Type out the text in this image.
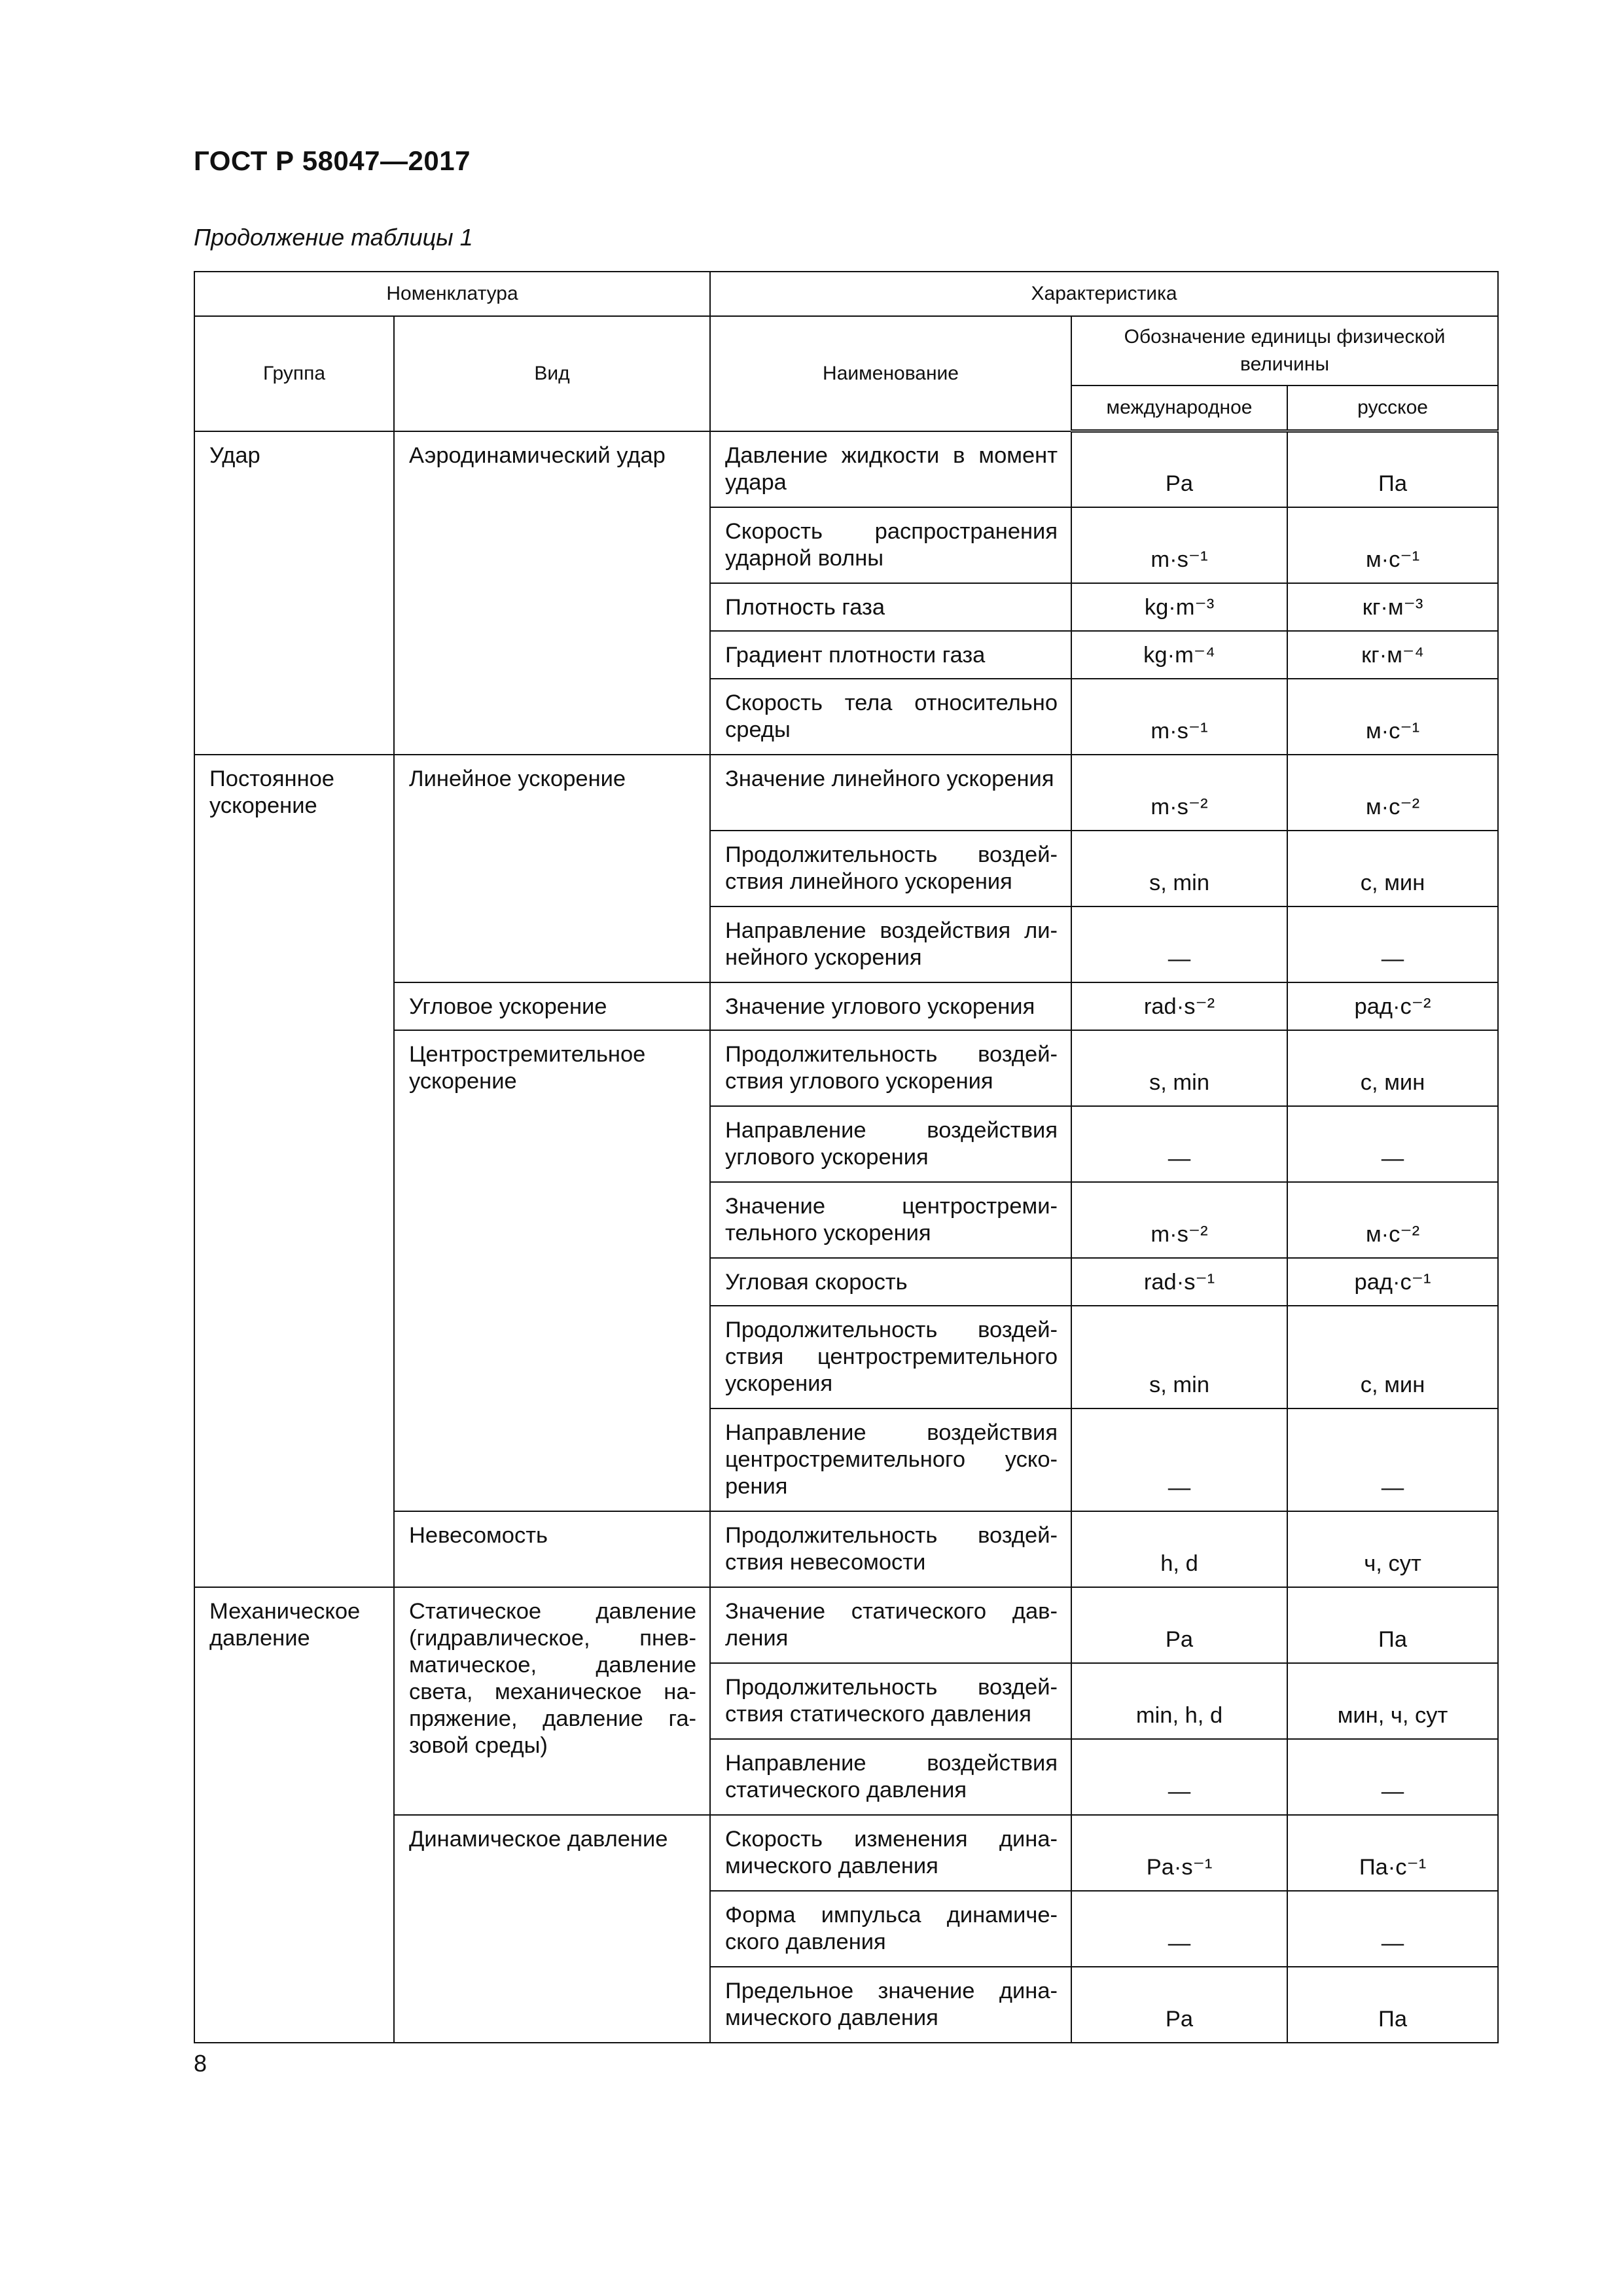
ГОСТ Р 58047—2017
Продолжение таблицы 1
Номенклатура		Характеристика		
Группа	Вид	Наименование	Обозначение единицы физической величины	
			международное	русское
Удар	Аэродинамический удар	Давление жидкости в момент удара	Pa	Па
		Скорость распространения ударной волны	m·s⁻¹	м·с⁻¹
		Плотность газа	kg·m⁻³	кг·м⁻³
		Градиент плотности газа	kg·m⁻⁴	кг·м⁻⁴
		Скорость тела относительно среды	m·s⁻¹	м·с⁻¹
Постоянное ускорение	Линейное ускорение	Значение линейного ускорения	m·s⁻²	м·с⁻²
		Продолжительность воздействия линейного ускорения	s, min	с, мин
		Направление воздействия линейного ускорения	—	—
	Угловое ускорение	Значение углового ускорения	rad·s⁻²	рад·с⁻²
	Центростремительное ускорение	Продолжительность воздействия углового ускорения	s, min	с, мин
		Направление воздействия углового ускорения	—	—
		Значение центростремительного ускорения	m·s⁻²	м·с⁻²
		Угловая скорость	rad·s⁻¹	рад·с⁻¹
		Продолжительность воздействия центростремительного ускорения	s, min	с, мин
		Направление воздействия центростремительного ускорения	—	—
	Невесомость	Продолжительность воздействия невесомости	h, d	ч, сут
Механическое давление	Статическое давление (гидравлическое, пневматическое, давление света, механическое напряжение, давление газовой среды)	Значение статического давления	Pa	Па
		Продолжительность воздействия статического давления	min, h, d	мин, ч, сут
		Направление воздействия статического давления	—	—
	Динамическое давление	Скорость изменения динамического давления	Pa·s⁻¹	Па·с⁻¹
		Форма импульса динамического давления	—	—
		Предельное значение динамического давления	Pa	Па
8
